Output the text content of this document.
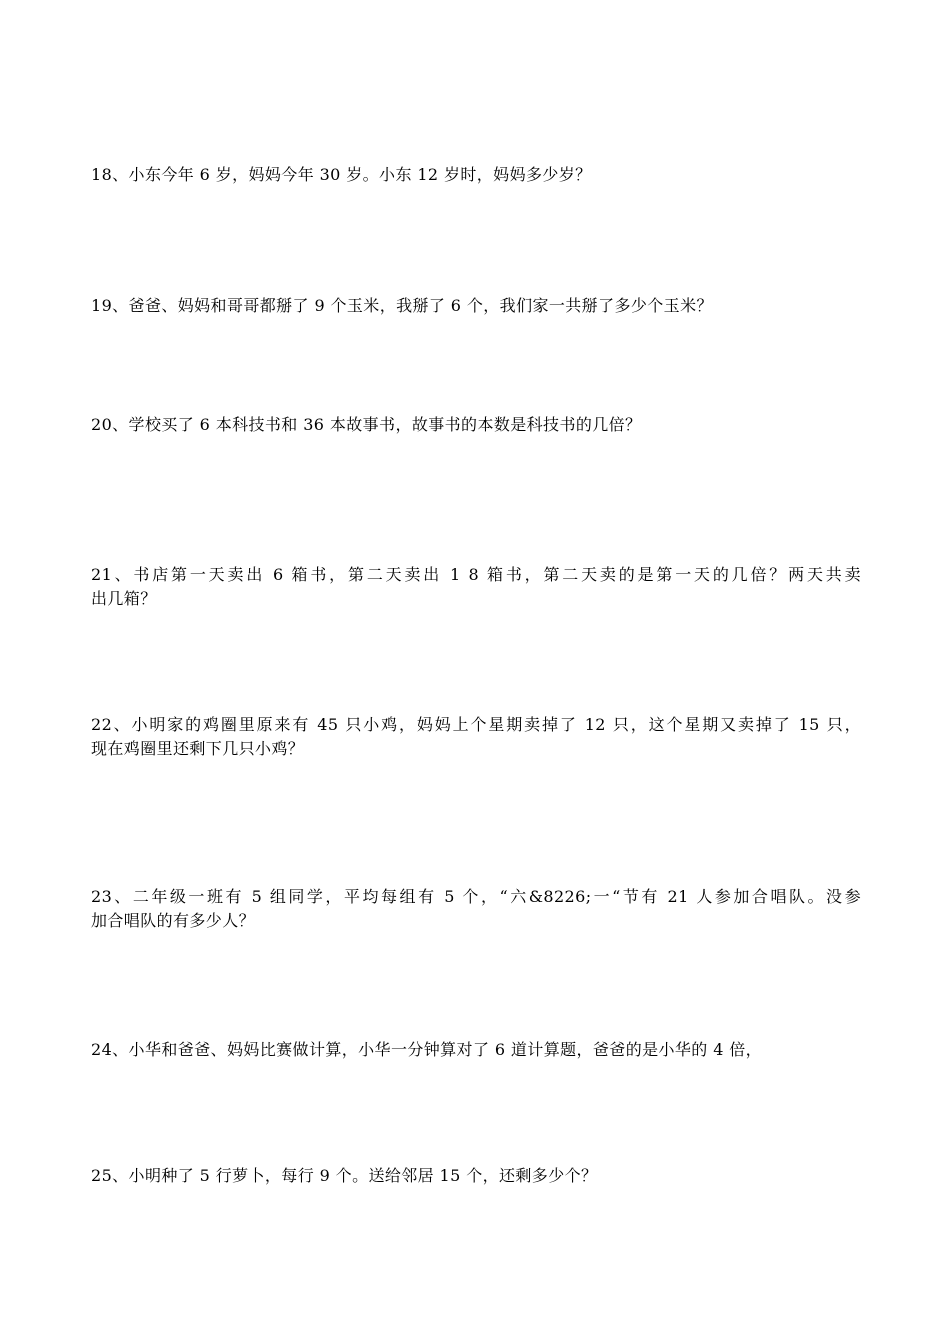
18、小东今年 6 岁，妈妈今年 30 岁。小东 12 岁时，妈妈多少岁？
19、爸爸、妈妈和哥哥都掰了 9 个玉米，我掰了 6 个，我们家一共掰了多少个玉米？
20、学校买了 6 本科技书和 36 本故事书，故事书的本数是科技书的几倍？
21、书店第一天卖出 6 箱书，第二天卖出 1 8 箱书，第二天卖的是第一天的几倍？两天共卖
出几箱？
22、小明家的鸡圈里原来有 45 只小鸡，妈妈上个星期卖掉了 12 只，这个星期又卖掉了 15 只，
现在鸡圈里还剩下几只小鸡？
23、二年级一班有 5 组同学，平均每组有 5 个，“六&8226;一“节有 21 人参加合唱队。没参
加合唱队的有多少人？
24、小华和爸爸、妈妈比赛做计算，小华一分钟算对了 6 道计算题，爸爸的是小华的 4 倍，
25、小明种了 5 行萝卜，每行 9 个。送给邻居 15 个，还剩多少个？
